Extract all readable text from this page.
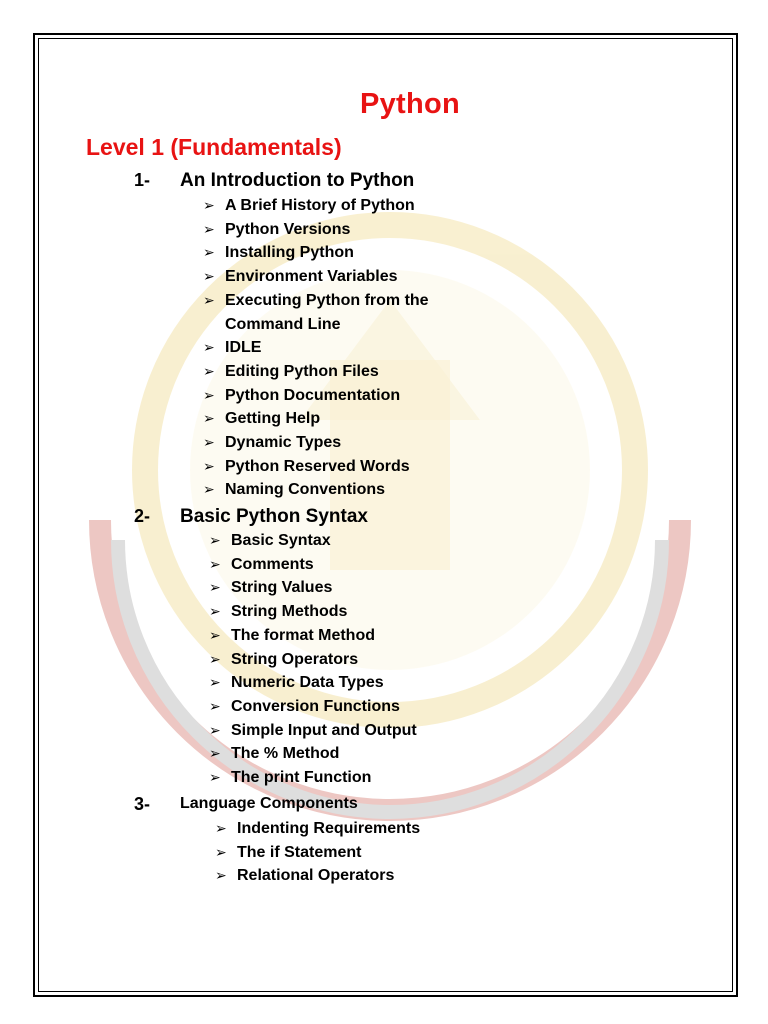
Python
Level 1 (Fundamentals)
1- An Introduction to Python
➢ A Brief History of Python
➢ Python Versions
➢ Installing Python
➢ Environment Variables
➢ Executing Python from the
Command Line
➢ IDLE
➢ Editing Python Files
➢ Python Documentation
➢ Getting Help
➢ Dynamic Types
➢ Python Reserved Words
➢ Naming Conventions
2- Basic Python Syntax
➢ Basic Syntax
➢ Comments
➢ String Values
➢ String Methods
➢ The format Method
➢ String Operators
➢ Numeric Data Types
➢ Conversion Functions
➢ Simple Input and Output
➢ The % Method
➢ The print Function
3- Language Components
➢ Indenting Requirements
➢ The if Statement
➢ Relational Operators
